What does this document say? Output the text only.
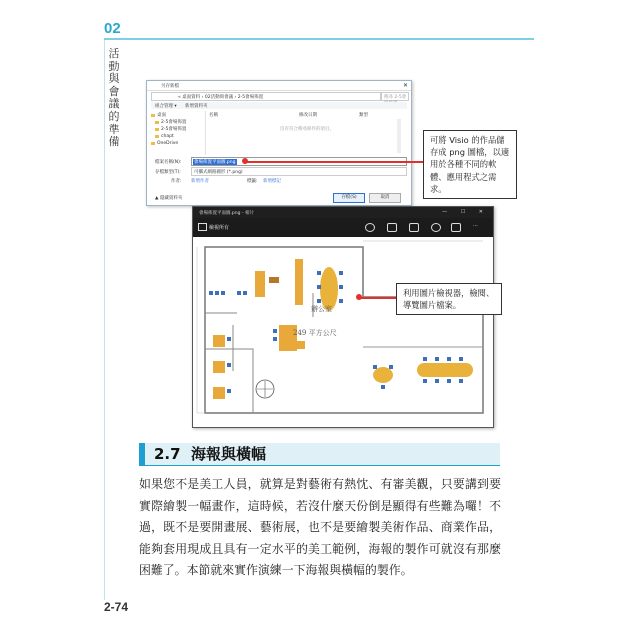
02
活動與會議的準備
2-74
另存新檔	✕
« 桌面資料 › 02活動與會議 › 2-5會場佈置	搜尋 2-5會
組合管理 ▾ 新增資料夾
桌面
2-5會場佈置
2-5會場佈置
chapt
OneDrive
名稱	修改日期	類型
沒有符合搜尋條件的項目。
檔案名稱(N):	會場佈置平面圖.png
存檔類型(T):	可攜式網路圖形 (*.png)
作者: 新增作者	標籤: 新增標記
▲ 隱藏資料夾	存檔(S)	取消
可將 Visio 的作品儲存成 png 圖檔，以適用於各種不同的軟體、應用程式之需求。
會場佈置平面圖.png - 相片	— ☐ ✕
檢視所有	⋯
辦公室
249 平方公尺
利用圖片檢視器，檢閱、導覽圖片檔案。
2.7 海報與橫幅
如果您不是美工人員，就算是對藝術有熱忱、有審美觀，只要講到要實際繪製一幅畫作，這時候，若沒什麼天份倒是顯得有些難為囉！不過，既不是要開畫展、藝術展，也不是要繪製美術作品、商業作品，能夠套用現成且具有一定水平的美工範例，海報的製作可就沒有那麼困難了。本節就來實作演練一下海報與橫幅的製作。
